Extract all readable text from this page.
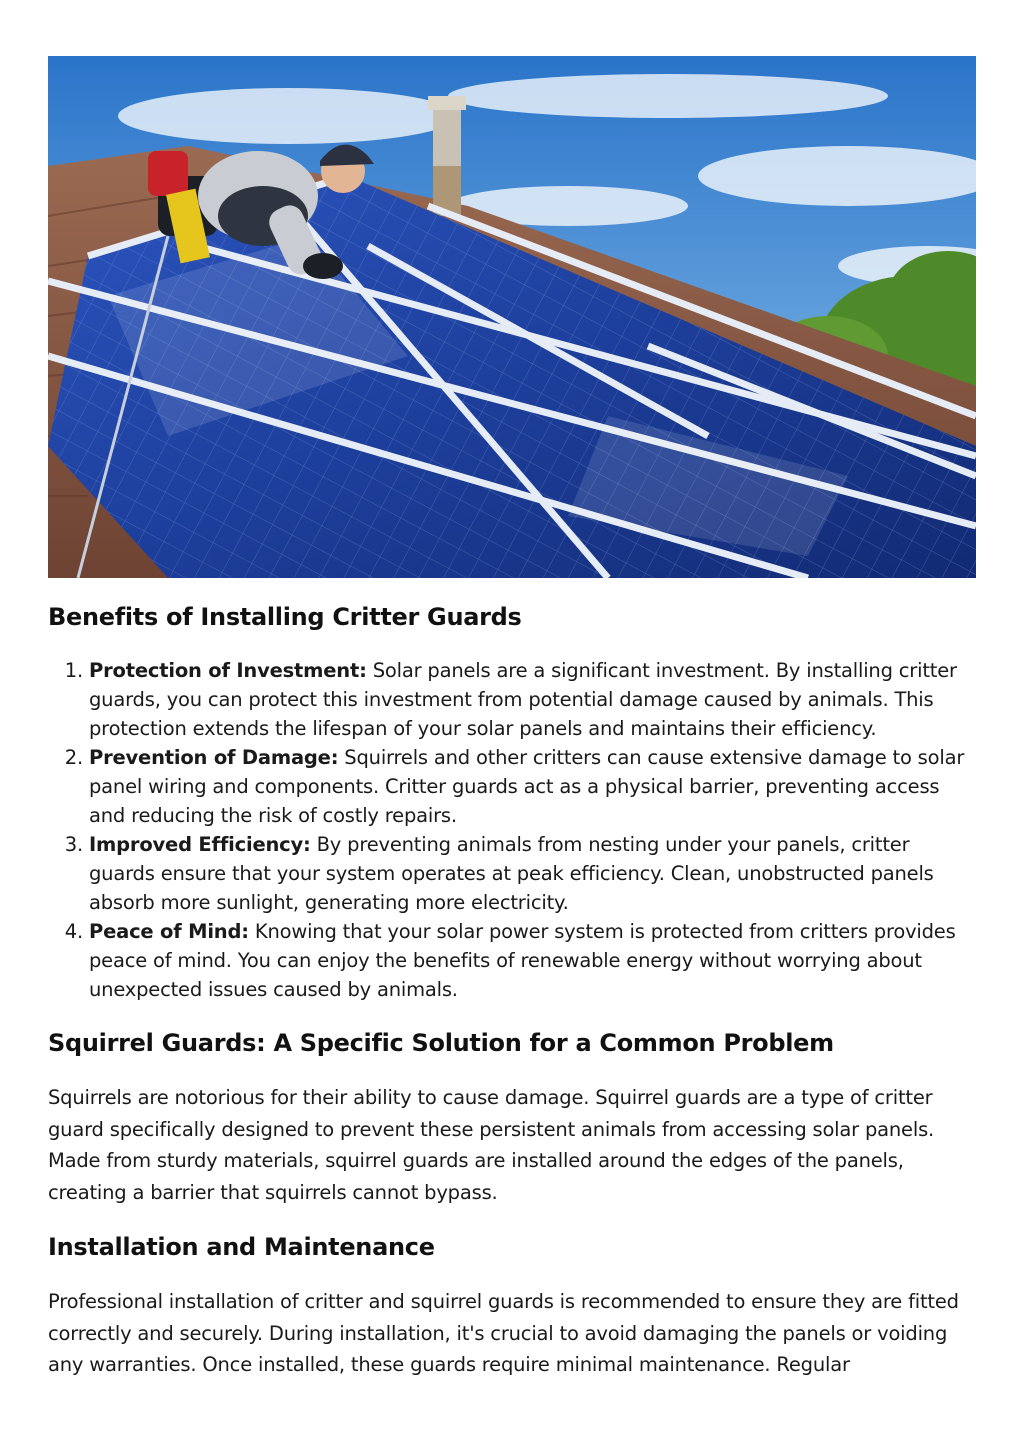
Benefits of Installing Critter Guards
1. Protection of Investment: Solar panels are a significant investment. By installing critter guards, you can protect this investment from potential damage caused by animals. This protection extends the lifespan of your solar panels and maintains their efficiency.
2. Prevention of Damage: Squirrels and other critters can cause extensive damage to solar panel wiring and components. Critter guards act as a physical barrier, preventing access and reducing the risk of costly repairs.
3. Improved Efficiency: By preventing animals from nesting under your panels, critter guards ensure that your system operates at peak efficiency. Clean, unobstructed panels absorb more sunlight, generating more electricity.
4. Peace of Mind: Knowing that your solar power system is protected from critters provides peace of mind. You can enjoy the benefits of renewable energy without worrying about unexpected issues caused by animals.
Squirrel Guards: A Specific Solution for a Common Problem

Squirrels are notorious for their ability to cause damage. Squirrel guards are a type of critter guard specifically designed to prevent these persistent animals from accessing solar panels. Made from sturdy materials, squirrel guards are installed around the edges of the panels, creating a barrier that squirrels cannot bypass.

Installation and Maintenance

Professional installation of critter and squirrel guards is recommended to ensure they are fitted correctly and securely. During installation, it's crucial to avoid damaging the panels or voiding any warranties. Once installed, these guards require minimal maintenance. Regular
